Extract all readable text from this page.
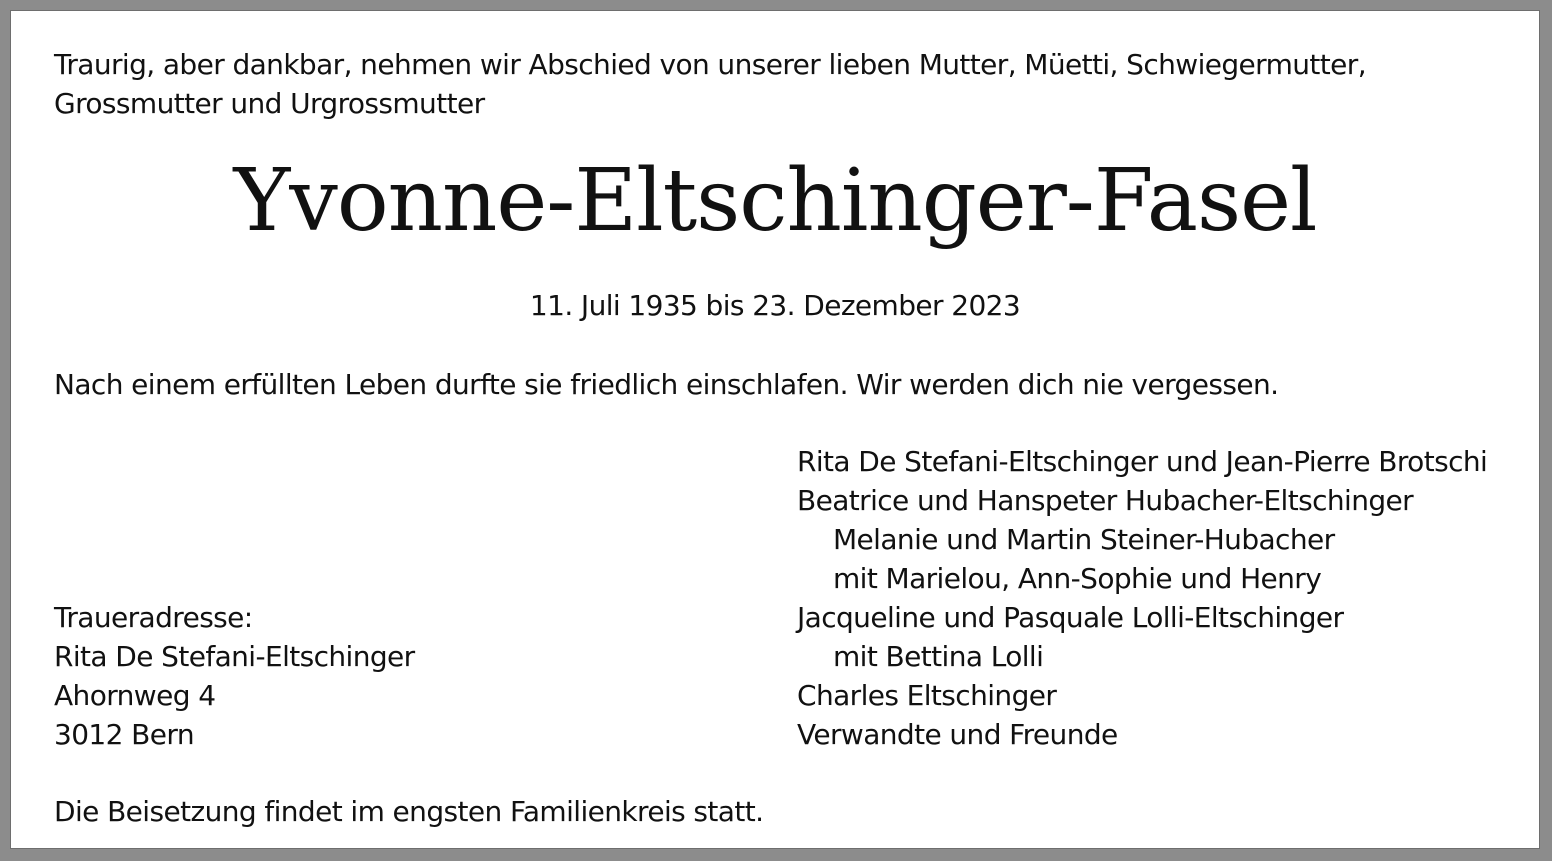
Traurig, aber dankbar, nehmen wir Abschied von unserer lieben Mutter, Müetti, Schwiegermutter, Grossmutter und Urgrossmutter
Yvonne-Eltschinger-Fasel
11. Juli 1935 bis 23. Dezember 2023
Nach einem erfüllten Leben durfte sie friedlich einschlafen. Wir werden dich nie vergessen.
Rita De Stefani-Eltschinger und Jean-Pierre Brotschi
Beatrice und Hanspeter Hubacher-Eltschinger
Melanie und Martin Steiner-Hubacher
mit Marielou, Ann-Sophie und Henry
Jacqueline und Pasquale Lolli-Eltschinger
mit Bettina Lolli
Charles Eltschinger
Verwandte und Freunde
Traueradresse:
Rita De Stefani-Eltschinger
Ahornweg 4
3012 Bern
Die Beisetzung findet im engsten Familienkreis statt.
